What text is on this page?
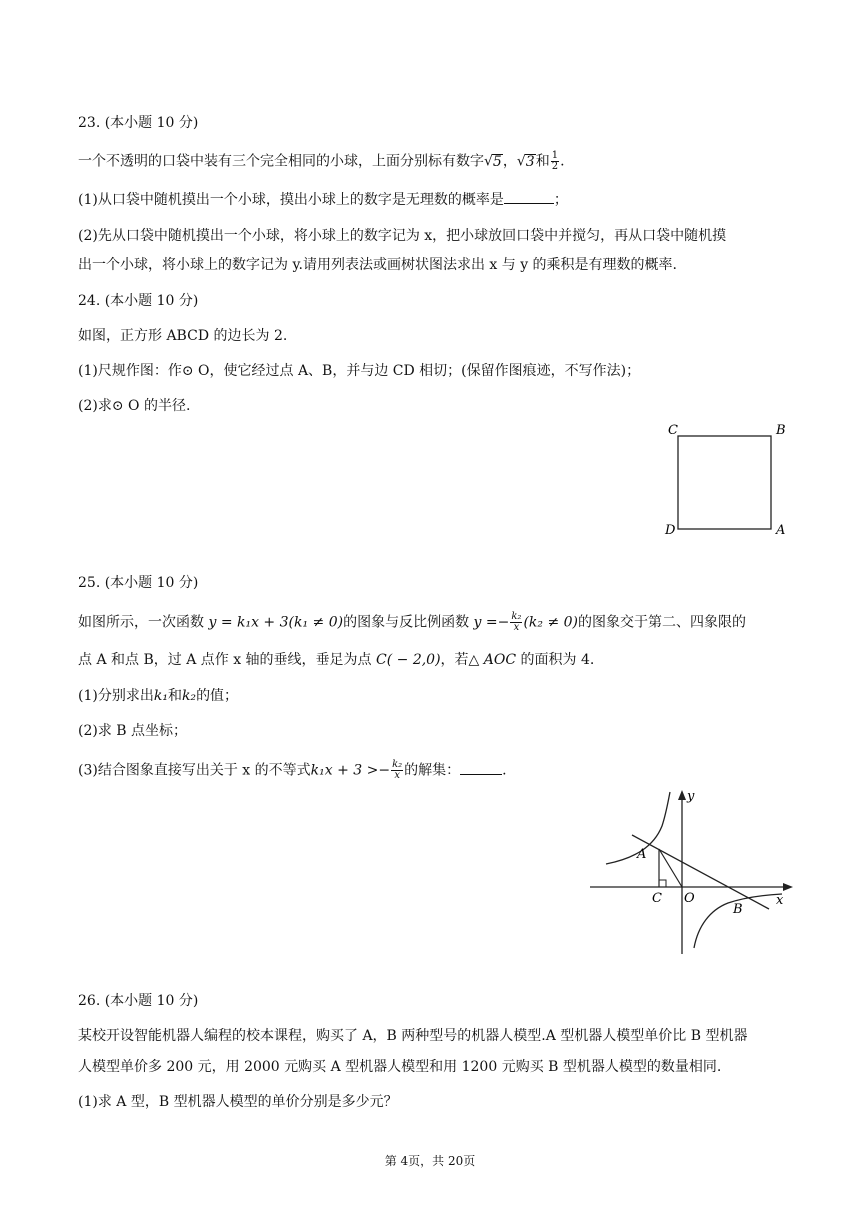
23. (本小题 10 分)
一个不透明的口袋中装有三个完全相同的小球，上面分别标有数字√5，√3和 $\frac{1}{2}$ .
(1)从口袋中随机摸出一个小球，摸出小球上的数字是无理数的概率是	；
(2)先从口袋中随机摸出一个小球，将小球上的数字记为 x，把小球放回口袋中并搅匀，再从口袋中随机摸
出一个小球，将小球上的数字记为 y.请用列表法或画树状图法求出 x 与 y 的乘积是有理数的概率.
24. (本小题 10 分)
如图，正方形 ABCD 的边长为 2.
(1)尺规作图：作⊙ O，使它经过点 A、B，并与边 CD 相切；(保留作图痕迹，不写作法)；
(2)求⊙ O 的半径.
C	B
D	A
25. (本小题 10 分)
如图所示，一次函数 y = k₁x + 3(k₁ ≠ 0)的图象与反比例函数 $y =- \frac{\text{k₂}}{x} (k_2 \ne 0)$的图象交于第二、四象限的
点 A 和点 B，过 A 点作 x 轴的垂线，垂足为点 C( − 2,0)，若△ AOC 的面积为 4.
(1)分别求出k₁和k₂的值；
(2)求 B 点坐标；
(3)结合图象直接写出关于 x 的不等式$k_1x + 3 >- \frac{\text{k₂}}{x}$ 的解集：	.
y
x
A
C O
B
26. (本小题 10 分)
某校开设智能机器人编程的校本课程，购买了 A，B 两种型号的机器人模型.A 型机器人模型单价比 B 型机器
人模型单价多 200 元，用 2000 元购买 A 型机器人模型和用 1200 元购买 B 型机器人模型的数量相同.
(1)求 A 型，B 型机器人模型的单价分别是多少元？
第 4页，共 20页
